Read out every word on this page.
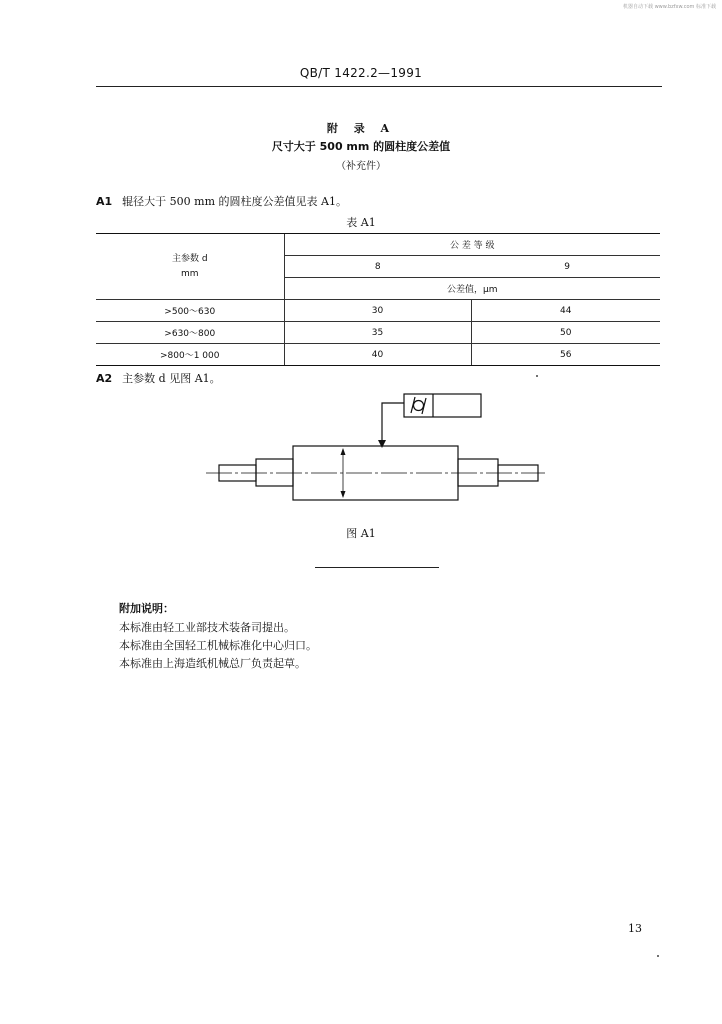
机器自动下载 www.bzfxw.com 标准下载
QB/T 1422.2—1991
附 录 A
尺寸大于 500 mm 的圆柱度公差值
（补充件）
A1 辊径大于 500 mm 的圆柱度公差值见表 A1。
表 A1
主参数 d
mm	公 差 等 级	
	8	9
	公差值，μm	
>500～630	30	44
>630～800	35	50
>800～1 000	40	56
A2 主参数 d 见图 A1。
图 A1
附加说明：
本标准由轻工业部技术装备司提出。
本标准由全国轻工机械标准化中心归口。
本标准由上海造纸机械总厂负责起草。
13
